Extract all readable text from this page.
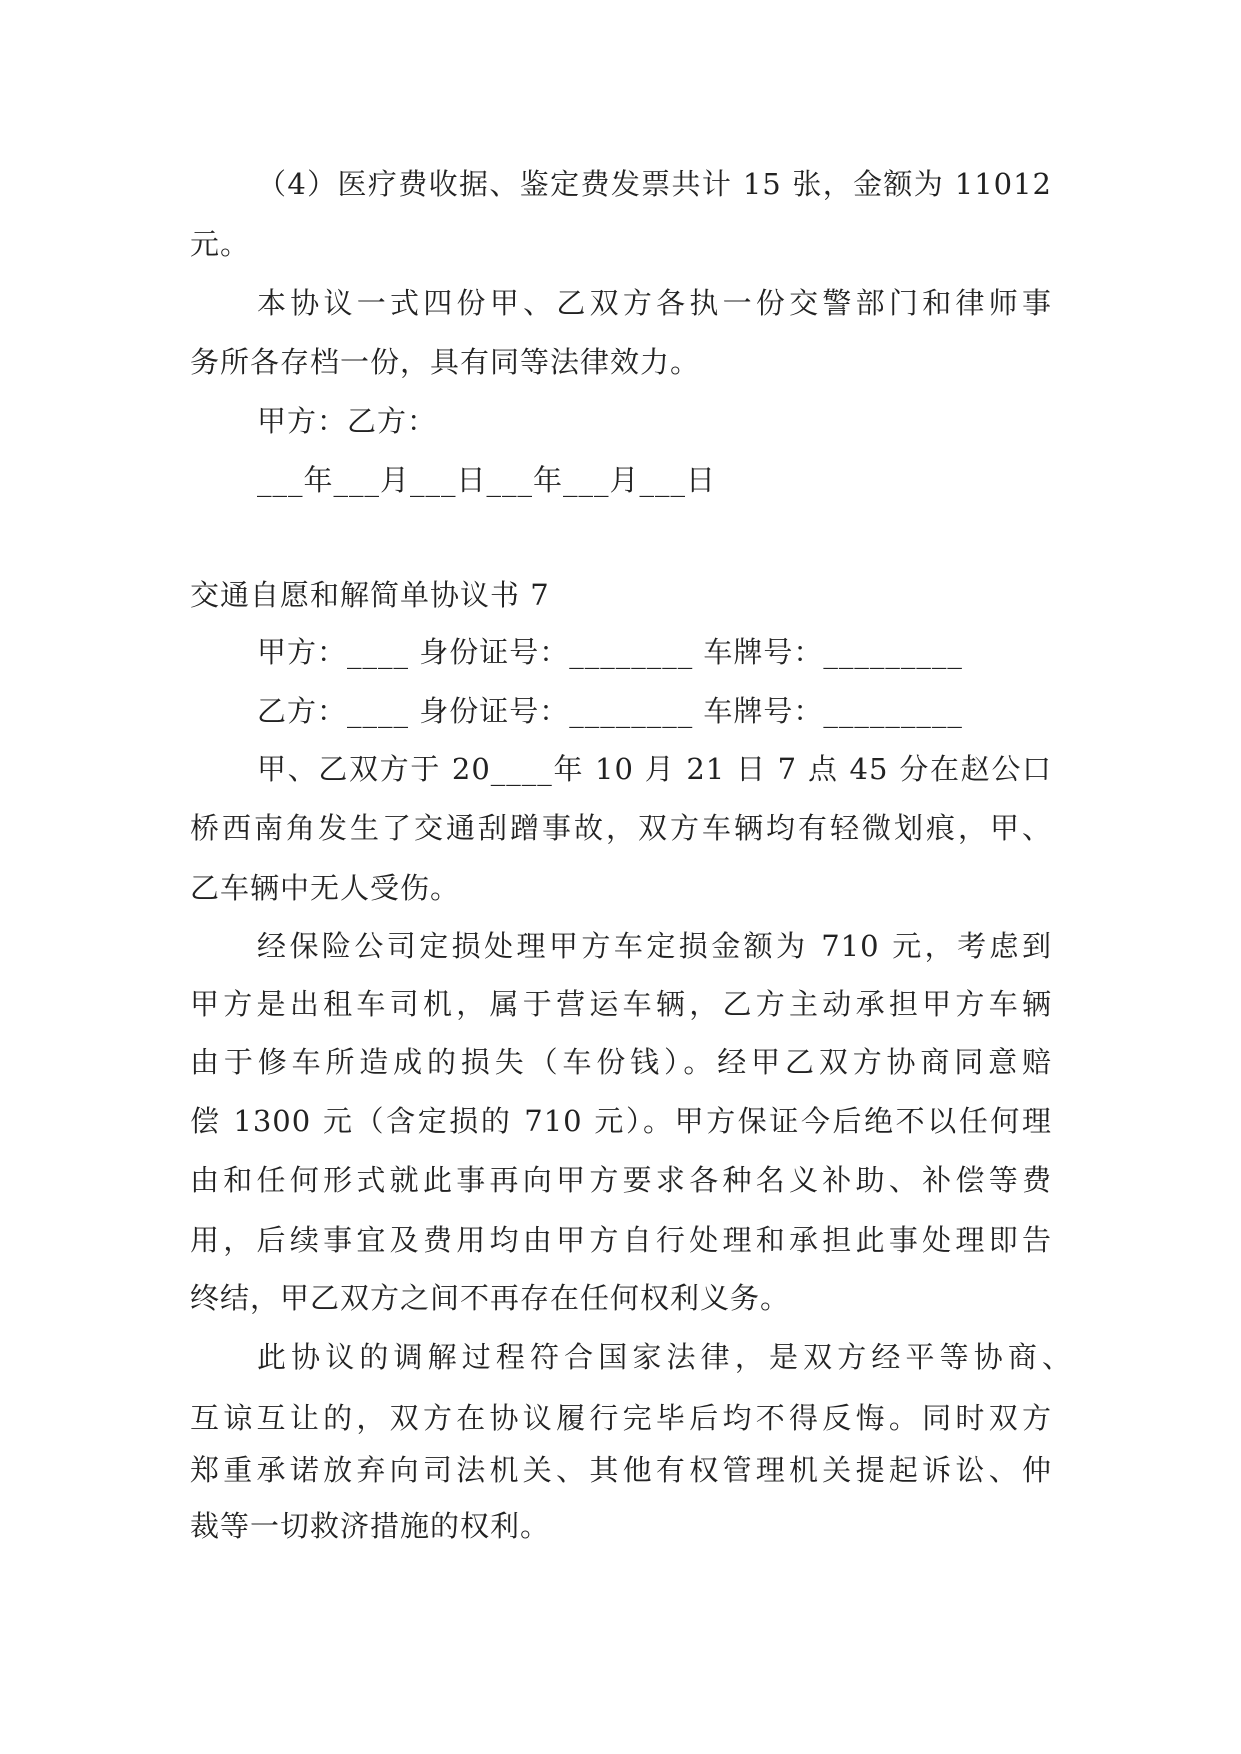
（4）医疗费收据、鉴定费发票共计 15 张，金额为 11012
元。
本协议一式四份甲、乙双方各执一份交警部门和律师事
务所各存档一份，具有同等法律效力。
甲方：乙方：
___年___月___日___年___月___日
交通自愿和解简单协议书 7
甲方：____ 身份证号：________ 车牌号：_________
乙方：____ 身份证号：________ 车牌号：_________
甲、乙双方于 20____年 10 月 21 日 7 点 45 分在赵公口
桥西南角发生了交通刮蹭事故，双方车辆均有轻微划痕，甲、
乙车辆中无人受伤。
经保险公司定损处理甲方车定损金额为 710 元，考虑到
甲方是出租车司机，属于营运车辆，乙方主动承担甲方车辆
由于修车所造成的损失（车份钱）。经甲乙双方协商同意赔
偿 1300 元（含定损的 710 元）。甲方保证今后绝不以任何理
由和任何形式就此事再向甲方要求各种名义补助、补偿等费
用，后续事宜及费用均由甲方自行处理和承担此事处理即告
终结，甲乙双方之间不再存在任何权利义务。
此协议的调解过程符合国家法律，是双方经平等协商、
互谅互让的，双方在协议履行完毕后均不得反悔。同时双方
郑重承诺放弃向司法机关、其他有权管理机关提起诉讼、仲
裁等一切救济措施的权利。
